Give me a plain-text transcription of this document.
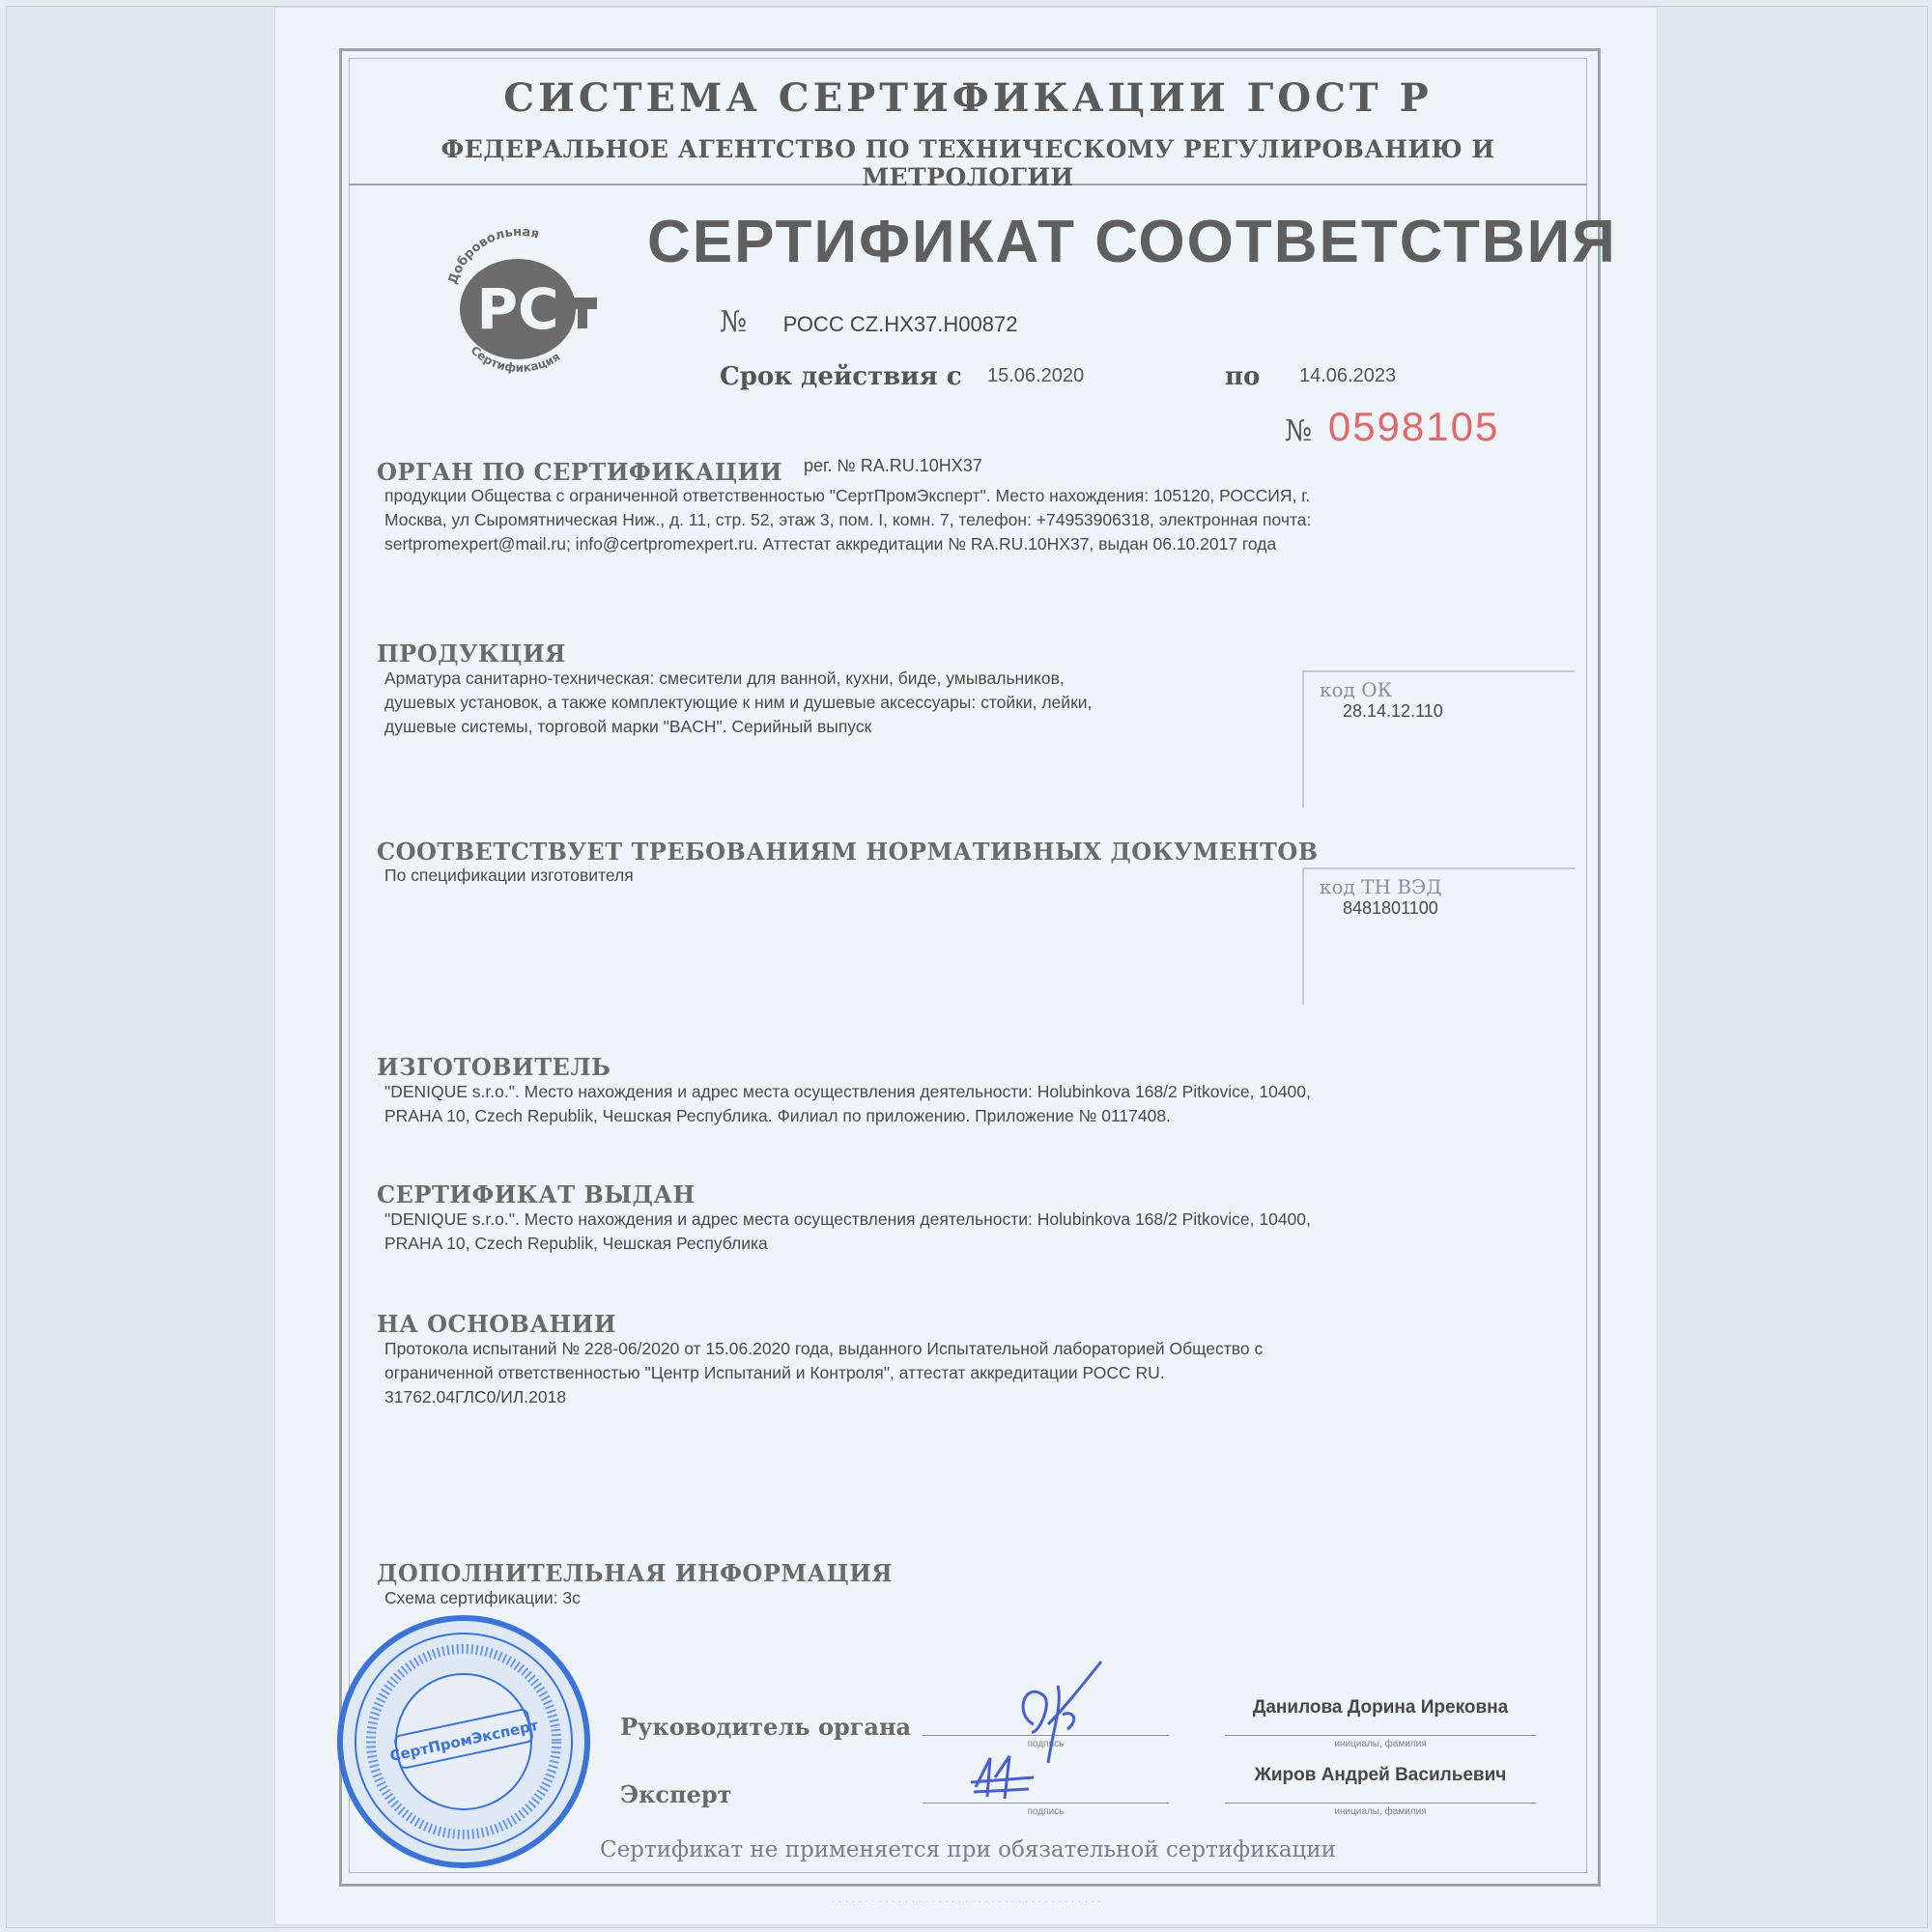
СИСТЕМА СЕРТИФИКАЦИИ ГОСТ Р
ФЕДЕРАЛЬНОЕ АГЕНТСТВО ПО ТЕХНИЧЕСКОМУ РЕГУЛИРОВАНИЮ И МЕТРОЛОГИИ
Добровольная
РС
Сертификация
СЕРТИФИКАТ СООТВЕТСТВИЯ
№ РОСС CZ.HX37.H00872
Срок действия с 15.06.2020	по 14.06.2023
№ 0598105
ОРГАН ПО СЕРТИФИКАЦИИ рег. № RA.RU.10HX37
продукции Общества с ограниченной ответственностью "СертПромЭксперт". Место нахождения: 105120, РОССИЯ, г.
Москва, ул Сыромятническая Ниж., д. 11, стр. 52, этаж 3, пом. I, комн. 7, телефон: +74953906318, электронная почта:
sertpromexpert@mail.ru; info@certpromexpert.ru. Аттестат аккредитации № RA.RU.10HX37, выдан 06.10.2017 года
ПРОДУКЦИЯ
Арматура санитарно-техническая: смесители для ванной, кухни, биде, умывальников,
душевых установок, а также комплектующие к ним и душевые аксессуары: стойки, лейки,
душевые системы, торговой марки "BACH". Серийный выпуск
код ОК
28.14.12.110
СООТВЕТСТВУЕТ ТРЕБОВАНИЯМ НОРМАТИВНЫХ ДОКУМЕНТОВ
По спецификации изготовителя	код ТН ВЭД
8481801100
ИЗГОТОВИТЕЛЬ
"DENIQUE s.r.o.". Место нахождения и адрес места осуществления деятельности: Holubinkova 168/2 Pitkovice, 10400,
PRAHA 10, Czech Republik, Чешская Республика. Филиал по приложению. Приложение № 0117408.
СЕРТИФИКАТ ВЫДАН
"DENIQUE s.r.o.". Место нахождения и адрес места осуществления деятельности: Holubinkova 168/2 Pitkovice, 10400,
PRAHA 10, Czech Republik, Чешская Республика
НА ОСНОВАНИИ
Протокола испытаний № 228-06/2020 от 15.06.2020 года, выданного Испытательной лабораторией Общество с
ограниченной ответственностью "Центр Испытаний и Контроля", аттестат аккредитации РОСС RU.
31762.04ГЛС0/ИЛ.2018
ДОПОЛНИТЕЛЬНАЯ ИНФОРМАЦИЯ
Схема сертификации: 3с
Руководитель органа
подпись
Данилова Дорина Ирековна
инициалы, фамилия
Эксперт
подпись
Жиров Андрей Васильевич
инициалы, фамилия
СертПромЭксперт
Сертификат не применяется при обязательной сертификации
· · · · · · · · · · · · · · · · · · · · · · · · · · · · · · · · · · · · · · · · ·
